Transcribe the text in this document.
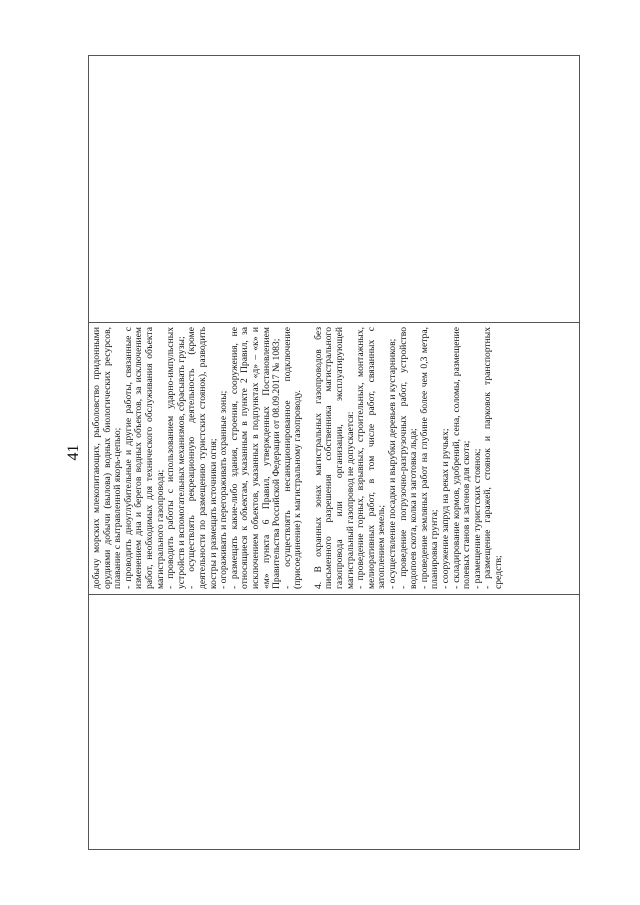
41 добычу морских млекопитающих, рыболовство придонными орудиями добычи (вылова) водных биологических ресурсов, плавание с вытравленной якорь-цепью; - проводить дноуглубительные и другие работы, связанные с изменением дна и берегов водных объектов, за исключением работ, необходимых для технического обслуживания объекта магистрального газопровода; - проводить работы с использованием ударно-импульсных устройств и вспомогательных механизмов, сбрасывать грузы; - осуществлять рекреационную деятельность (кроме деятельности по размещению туристских стоянок), разводить костры и размещать источники огня; - огораживать и перегораживать охранные зоны; - размещать какие-либо здания, строения, сооружения, не относящиеся к объектам, указанным в пункте 2 Правил, за исключением объектов, указанных в подпунктах «д» – «к» и «м» пункта 6 Правил, утвержденных Постановлением Правительства Российской Федерации от 08.09.2017 № 1083; - осуществлять несанкционированное подключение (присоединение) к магистральному газопроводу. 4. В охранных зонах магистральных газопроводов без письменного разрешения собственника магистрального газопровода или организации, эксплуатирующей магистральный газопровод не допускается: - проведение горных, взрывных, строительных, монтажных, мелиоративных работ, в том числе работ, связанных с затоплением земель; - осуществление посадки и вырубки деревьев и кустарников; - проведение погрузочно-разгрузочных работ, устройство водопоев скота, колка и заготовка льда; - проведение земляных работ на глубине более чем 0,3 метра, планировка грунта; - сооружение запруд на реках и ручьях; - складирование кормов, удобрений, сена, соломы, размещение полевых станов и загонов для скота; - размещение туристских стоянок; - размещение гаражей, стоянок и парковок транспортных средств;
